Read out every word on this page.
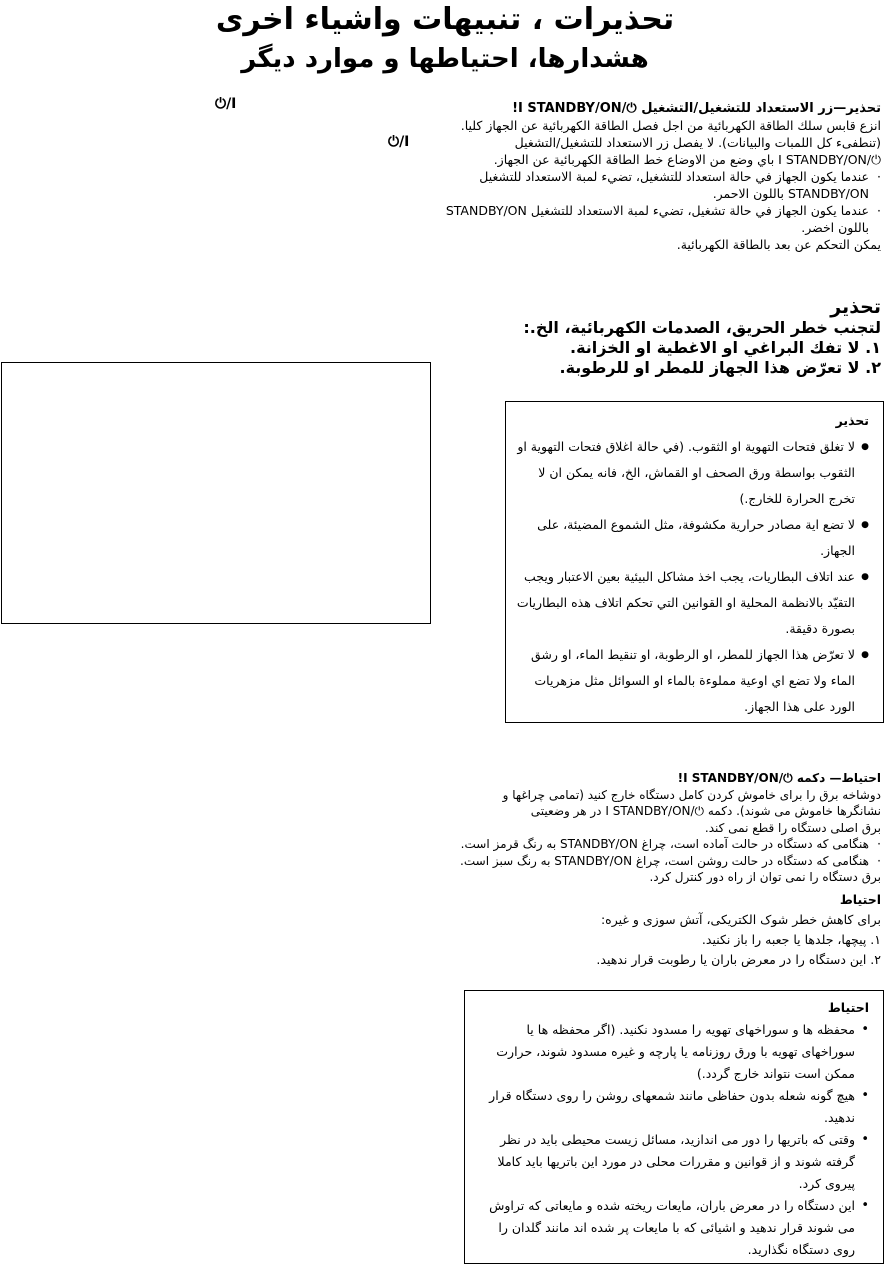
تحذيرات ، تنبيهات واشياء اخرى
هشدارها، احتياطها و موارد ديگر
⏻/I
⏻/I
تحذير—زر الاستعداد للتشغيل/التشغيل ⏻/I STANDBY/ON!
انزع قابس سلك الطاقة الكهربائية من اجل فصل الطاقة الكهربائية عن الجهاز كليا.
(تنطفىء كل اللمبات والبيانات). لا يفصل زر الاستعداد للتشغيل/التشغيل
⏻/I STANDBY/ON باي وضع من الاوضاع خط الطاقة الكهربائية عن الجهاز.
· عندما يكون الجهاز في حالة استعداد للتشغيل، تضيء لمبة الاستعداد للتشغيل STANDBY/ON باللون الاحمر.
· عندما يكون الجهاز في حالة تشغيل، تضيء لمبة الاستعداد للتشغيل STANDBY/ON باللون اخضر.
يمكن التحكم عن بعد بالطاقة الكهربائية.
تحذير
لتجنب خطر الحريق، الصدمات الكهربائية، الخ.:
١. لا تفك البراغي او الاغطية او الخزانة.
٢. لا تعرّض هذا الجهاز للمطر او للرطوبة.
تحذير
● لا تغلق فتحات التهوية او الثقوب. (في حالة اغلاق فتحات التهوية او الثقوب بواسطة ورق الصحف او القماش، الخ، فانه يمكن ان لا تخرج الحرارة للخارج.)
● لا تضع اية مصادر حرارية مكشوفة، مثل الشموع المضيئة، على الجهاز.
● عند اتلاف البطاريات، يجب اخذ مشاكل البيئية بعين الاعتبار ويجب التقيّد بالانظمة المحلية او القوانين التي تحكم اتلاف هذه البطاريات بصورة دقيقة.
● لا تعرّض هذا الجهاز للمطر، او الرطوبة، او تنقيط الماء، او رشق الماء ولا تضع اي اوعية مملوءة بالماء او السوائل مثل مزهريات الورد على هذا الجهاز.
احتياط— دكمه ⏻/I STANDBY/ON!
دوشاخه برق را براى خاموش كردن كامل دستگاه خارج كنيد (تمامى چراغها و
نشانگرها خاموش می شوند). دكمه ⏻/I STANDBY/ON در هر وضعيتی
برق اصلی دستگاه را قطع نمی كند.
· هنگامی كه دستگاه در حالت آماده است، چراغ STANDBY/ON به رنگ قرمز است.
· هنگامی كه دستگاه در حالت روشن است، چراغ STANDBY/ON به رنگ سبز است.
برق دستگاه را نمی توان از راه دور كنترل كرد.
احتياط
براى كاهش خطر شوک الكتريكی، آتش سوزى و غيره:
١. پيچها، جلدها يا جعبه را باز نكنيد.
٢. اين دستگاه را در معرض باران يا رطوبت قرار ندهيد.
احتياط
• محفظه ها و سوراخهاى تهويه را مسدود نكنيد. (اگر محفظه ها يا سوراخهاى تهويه با ورق روزنامه يا پارچه و غيره مسدود شوند، حرارت ممكن است نتواند خارج گردد.)
• هيچ گونه شعله بدون حفاظی مانند شمعهاى روشن را روى دستگاه قرار ندهيد.
• وقتی كه باتريها را دور می اندازيد، مسائل زيست محيطی بايد در نظر گرفته شوند و از قوانين و مقررات محلی در مورد اين باتريها بايد كاملا پيروى كرد.
• اين دستگاه را در معرض باران، مايعات ريخته شده و مايعاتی كه تراوش می شوند قرار ندهيد و اشيائی كه با مايعات پر شده اند مانند گلدان را روى دستگاه نگذاريد.
